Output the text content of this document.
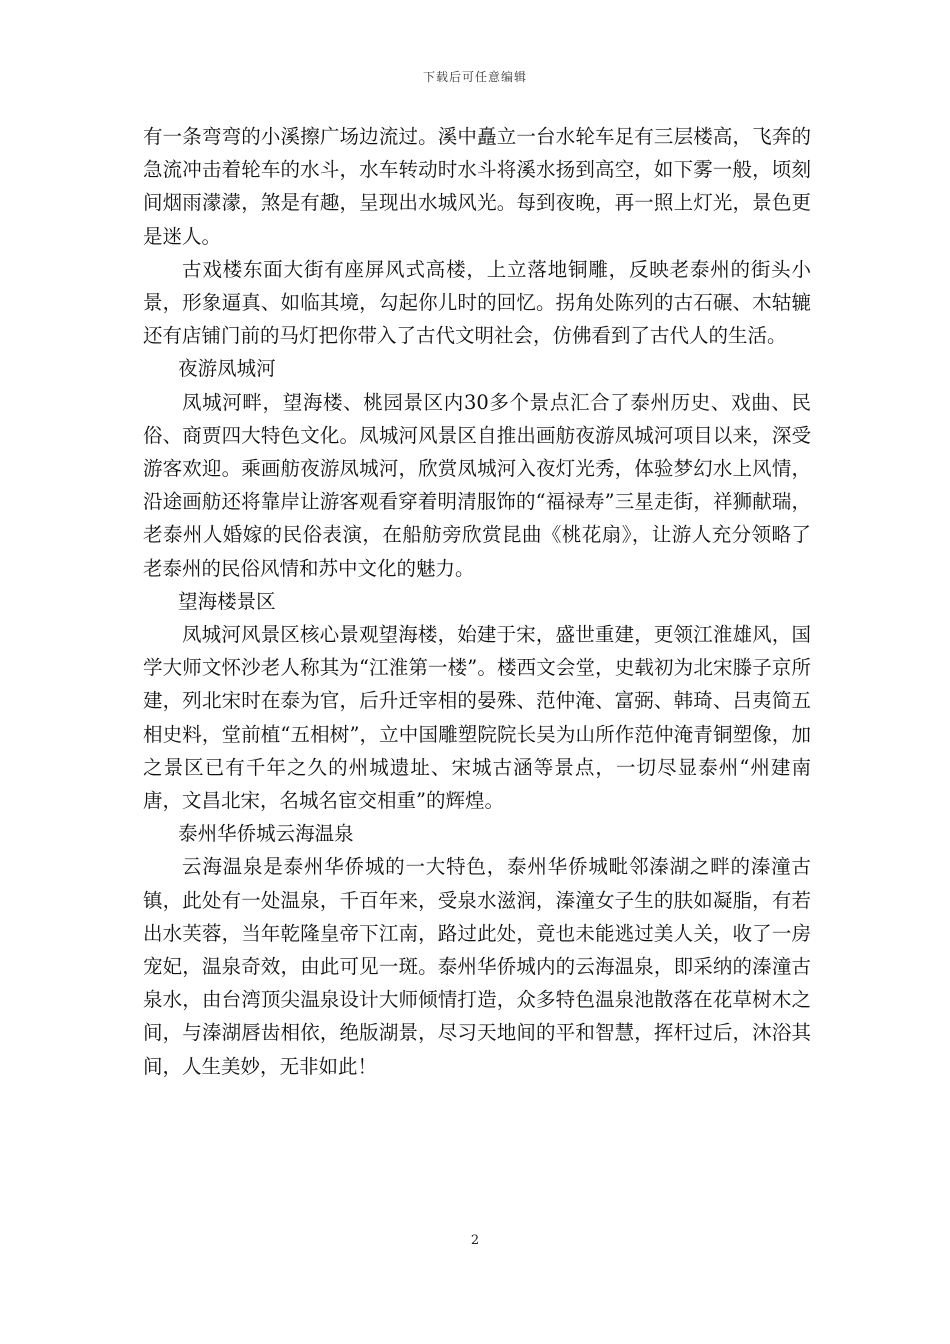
下载后可任意编辑

有一条弯弯的小溪擦广场边流过。溪中矗立一台水轮车足有三层楼高，飞奔的急流冲击着轮车的水斗，水车转动时水斗将溪水扬到高空，如下雾一般，顷刻间烟雨濛濛，煞是有趣，呈现出水城风光。每到夜晚，再一照上灯光，景色更是迷人。

古戏楼东面大街有座屏风式高楼，上立落地铜雕，反映老泰州的街头小景，形象逼真、如临其境，勾起你儿时的回忆。拐角处陈列的古石碾、木轱辘还有店铺门前的马灯把你带入了古代文明社会，仿佛看到了古代人的生活。

夜游凤城河

凤城河畔，望海楼、桃园景区内30多个景点汇合了泰州历史、戏曲、民俗、商贾四大特色文化。凤城河风景区自推出画舫夜游凤城河项目以来，深受游客欢迎。乘画舫夜游凤城河，欣赏凤城河入夜灯光秀，体验梦幻水上风情，沿途画舫还将靠岸让游客观看穿着明清服饰的“福禄寿”三星走街，祥狮献瑞，老泰州人婚嫁的民俗表演，在船舫旁欣赏昆曲《桃花扇》，让游人充分领略了老泰州的民俗风情和苏中文化的魅力。

望海楼景区

凤城河风景区核心景观望海楼，始建于宋，盛世重建，更领江淮雄风，国学大师文怀沙老人称其为“江淮第一楼”。楼西文会堂，史载初为北宋滕子京所建，列北宋时在泰为官，后升迁宰相的晏殊、范仲淹、富弼、韩琦、吕夷简五相史料，堂前植“五相树”，立中国雕塑院院长吴为山所作范仲淹青铜塑像，加之景区已有千年之久的州城遗址、宋城古涵等景点，一切尽显泰州“州建南唐，文昌北宋，名城名宦交相重”的辉煌。

泰州华侨城云海温泉

云海温泉是泰州华侨城的一大特色，泰州华侨城毗邻溱湖之畔的溱潼古镇，此处有一处温泉，千百年来，受泉水滋润，溱潼女子生的肤如凝脂，有若出水芙蓉，当年乾隆皇帝下江南，路过此处，竟也未能逃过美人关，收了一房宠妃，温泉奇效，由此可见一斑。泰州华侨城内的云海温泉，即采纳的溱潼古泉水，由台湾顶尖温泉设计大师倾情打造，众多特色温泉池散落在花草树木之间，与溱湖唇齿相依，绝版湖景，尽习天地间的平和智慧，挥杆过后，沐浴其间，人生美妙，无非如此！

2
